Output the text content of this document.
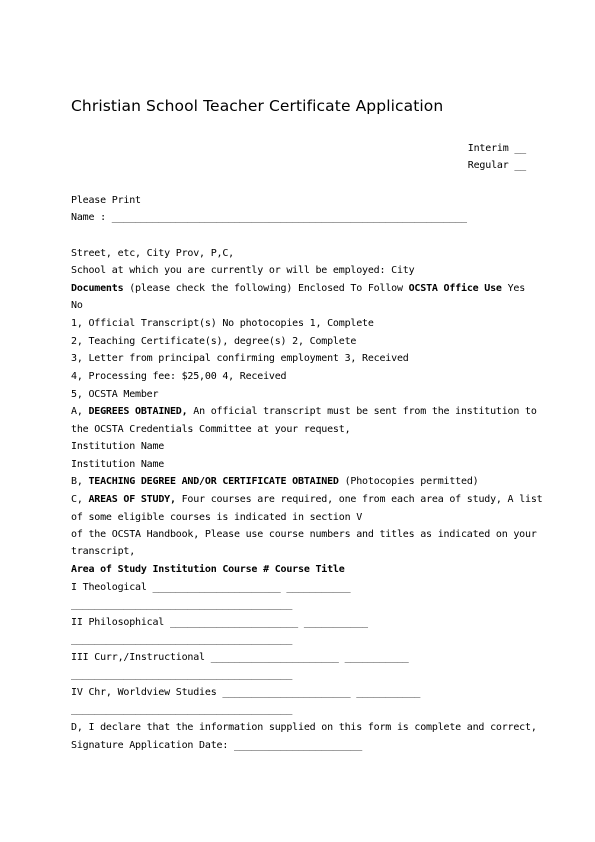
Christian School Teacher Certificate Application
Interim __
Regular __
Please Print
Name : _____________________________________________________________
Street, etc, City Prov, P,C,
School at which you are currently or will be employed: City
Documents (please check the following) Enclosed To Follow OCSTA Office Use Yes
No
1, Official Transcript(s) No photocopies 1, Complete
2, Teaching Certificate(s), degree(s) 2, Complete
3, Letter from principal confirming employment 3, Received
4, Processing fee: $25,00 4, Received
5, OCSTA Member
A, DEGREES OBTAINED, An official transcript must be sent from the institution to
the OCSTA Credentials Committee at your request,
Institution Name
Institution Name
B, TEACHING DEGREE AND/OR CERTIFICATE OBTAINED (Photocopies permitted)
C, AREAS OF STUDY, Four courses are required, one from each area of study, A list
of some eligible courses is indicated in section V
of the OCSTA Handbook, Please use course numbers and titles as indicated on your
transcript,
Area of Study Institution Course # Course Title
I Theological ______________________ ___________
______________________________________
II Philosophical ______________________ ___________
______________________________________
III Curr,/Instructional ______________________ ___________
______________________________________
IV Chr, Worldview Studies ______________________ ___________
______________________________________
D, I declare that the information supplied on this form is complete and correct,
Signature Application Date: ______________________
